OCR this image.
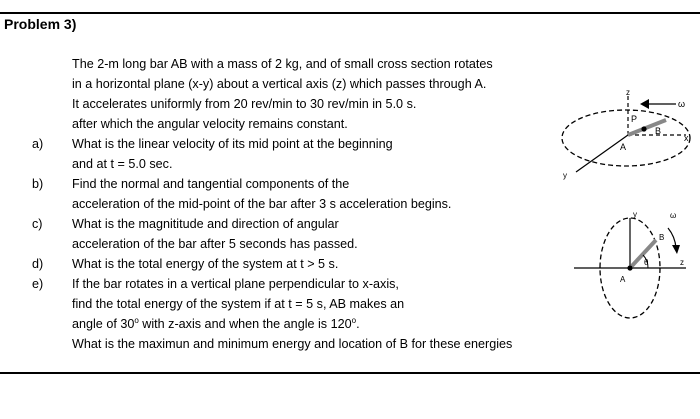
Problem 3)
The 2-m long bar AB with a mass of 2 kg, and of small cross section rotates
in a horizontal plane (x-y) about a vertical axis (z) which passes through A.
It accelerates uniformly from 20 rev/min to 30 rev/min in 5.0 s.
after which the angular velocity remains constant.
a) What is the linear velocity of its mid point at the beginning
and at t = 5.0 sec.
b) Find the normal and tangential components of the
acceleration of the mid-point of the bar after 3 s acceleration begins.
c) What is the magnititude and direction of angular
acceleration of the bar after 5 seconds has passed.
d) What is the total energy of the system at t > 5 s.
e) If the bar rotates in a vertical plane perpendicular to x-axis,
find the total energy of the system if at t = 5 s, AB makes an
angle of 30$^o$ with z-axis and when the angle is 120$^o$.
What is the maximun and minimum energy and location of B for these energies
z
ω
P
B
x
A
y
y	ω
B
θ	z
A
